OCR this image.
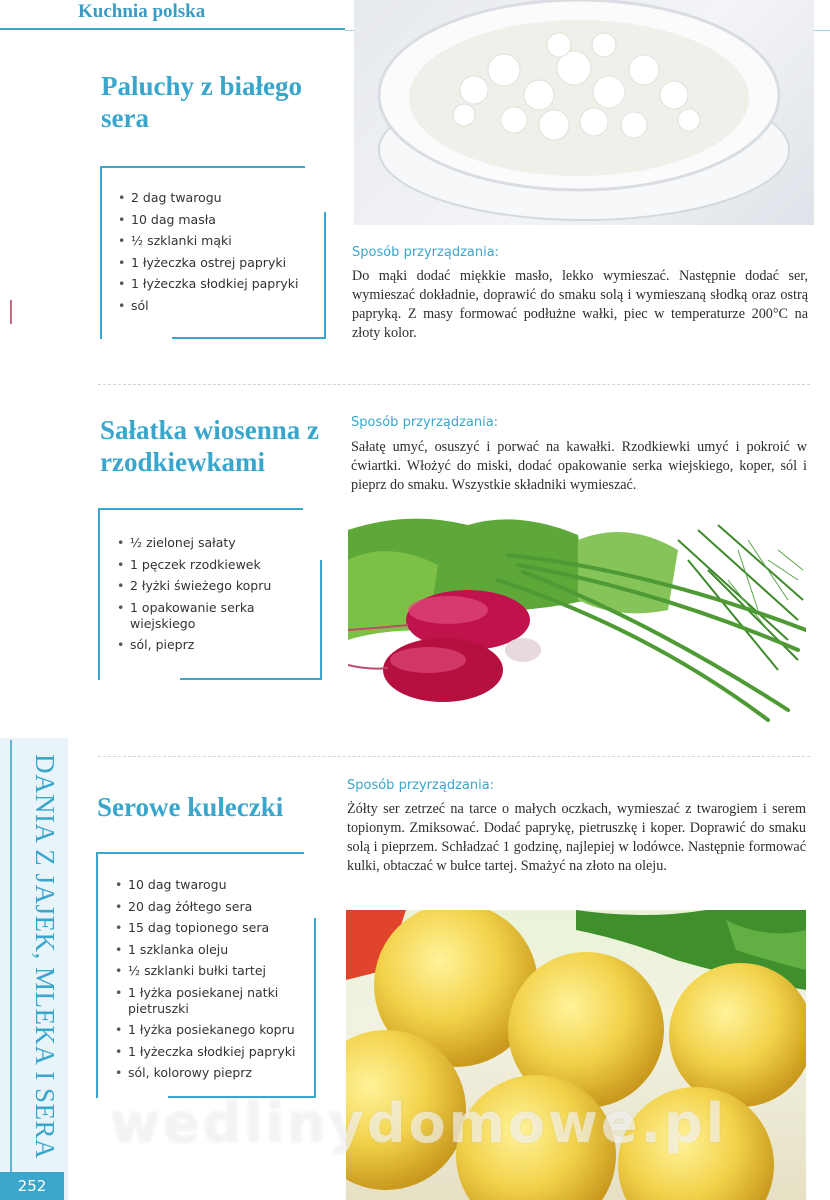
Kuchnia polska
Paluchy z białego sera
• 2 dag twarogu
• 10 dag masła
• ½ szklanki mąki
• 1 łyżeczka ostrej papryki
• 1 łyżeczka słodkiej papryki
• sól
Sposób przyrządzania:

Do mąki dodać miękkie masło, lekko wymieszać. Następnie dodać ser, wymieszać dokładnie, doprawić do smaku solą i wymieszaną słodką oraz ostrą papryką. Z masy formować podłużne wałki, piec w temperaturze 200°C na złoty kolor.

Sałatka wiosenna z rzodkiewkami
• ½ zielonej sałaty
• 1 pęczek rzodkiewek
• 2 łyżki świeżego kopru
• 1 opakowanie serka wiejskiego
• sól, pieprz
Sposób przyrządzania:

Sałatę umyć, osuszyć i porwać na kawałki. Rzodkiewki umyć i pokroić w ćwiartki. Włożyć do miski, dodać opakowanie serka wiejskiego, koper, sól i pieprz do smaku. Wszystkie składniki wymieszać.

Serowe kuleczki
• 10 dag twarogu
• 20 dag żółtego sera
• 15 dag topionego sera
• 1 szklanka oleju
• ½ szklanki bułki tartej
• 1 łyżka posiekanej natki pietruszki
• 1 łyżka posiekanego kopru
• 1 łyżeczka słodkiej papryki
• sól, kolorowy pieprz
Sposób przyrządzania:

Żółty ser zetrzeć na tarce o małych oczkach, wymieszać z twarogiem i serem topionym. Zmiksować. Dodać paprykę, pietruszkę i koper. Doprawić do smaku solą i pieprzem. Schładzać 1 godzinę, najlepiej w lodówce. Następnie formować kulki, obtaczać w bułce tartej. Smażyć na złoto na oleju.

wedlinydomowe.pl
DANIA Z JAJEK, MLEKA I SERA
252
